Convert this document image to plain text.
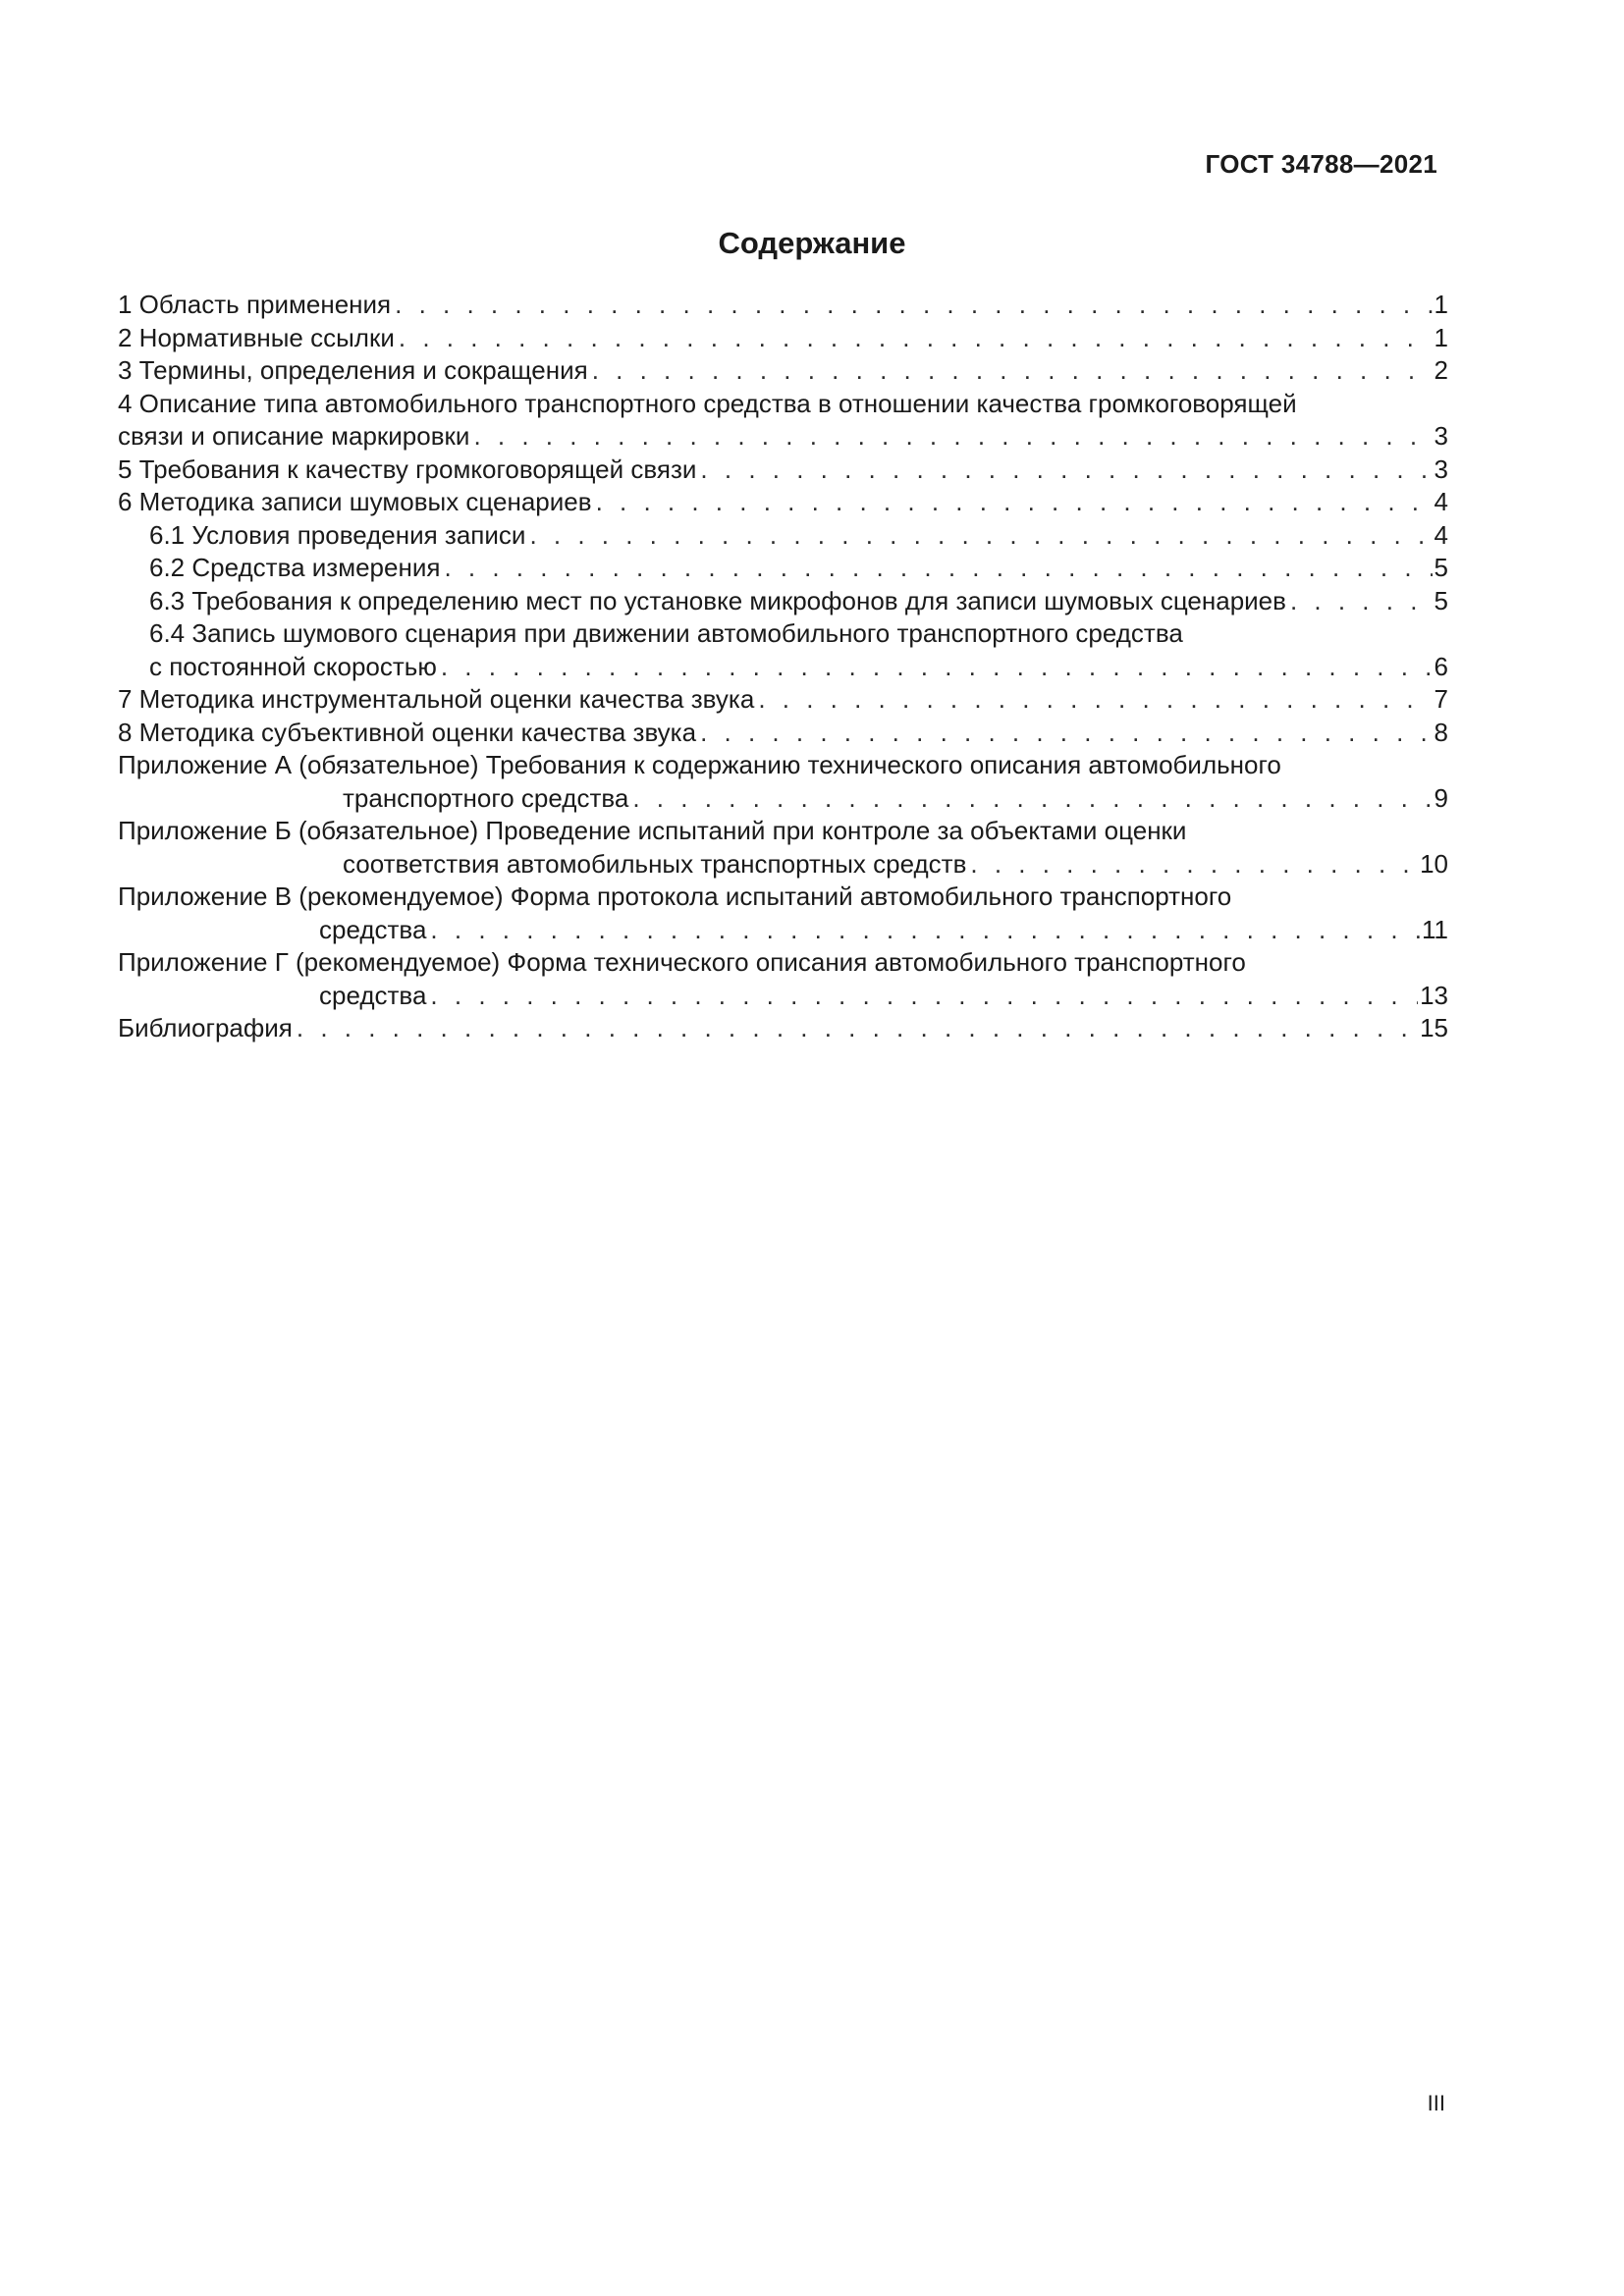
ГОСТ 34788—2021
Содержание
1 Область применения . . .	1
2 Нормативные ссылки . . .	1
3 Термины, определения и сокращения . . .	2
4 Описание типа автомобильного транспортного средства в отношении качества громкоговорящей
связи и описание маркировки . . .	3
5 Требования к качеству громкоговорящей связи . . .	3
6 Методика записи шумовых сценариев . . .	4
6.1 Условия проведения записи . . .	4
6.2 Средства измерения . . .	5
6.3 Требования к определению мест по установке микрофонов для записи шумовых сценариев . . .	5
6.4 Запись шумового сценария при движении автомобильного транспортного средства
с постоянной скоростью . . .	6
7 Методика инструментальной оценки качества звука . . .	7
8 Методика субъективной оценки качества звука . . .	8
Приложение А (обязательное) Требования к содержанию технического описания автомобильного
транспортного средства . . .	9
Приложение Б (обязательное) Проведение испытаний при контроле за объектами оценки
соответствия автомобильных транспортных средств . . .	10
Приложение В (рекомендуемое) Форма протокола испытаний автомобильного транспортного
средства . . .	11
Приложение Г (рекомендуемое) Форма технического описания автомобильного транспортного
средства . . .	13
Библиография . . .	15
III
